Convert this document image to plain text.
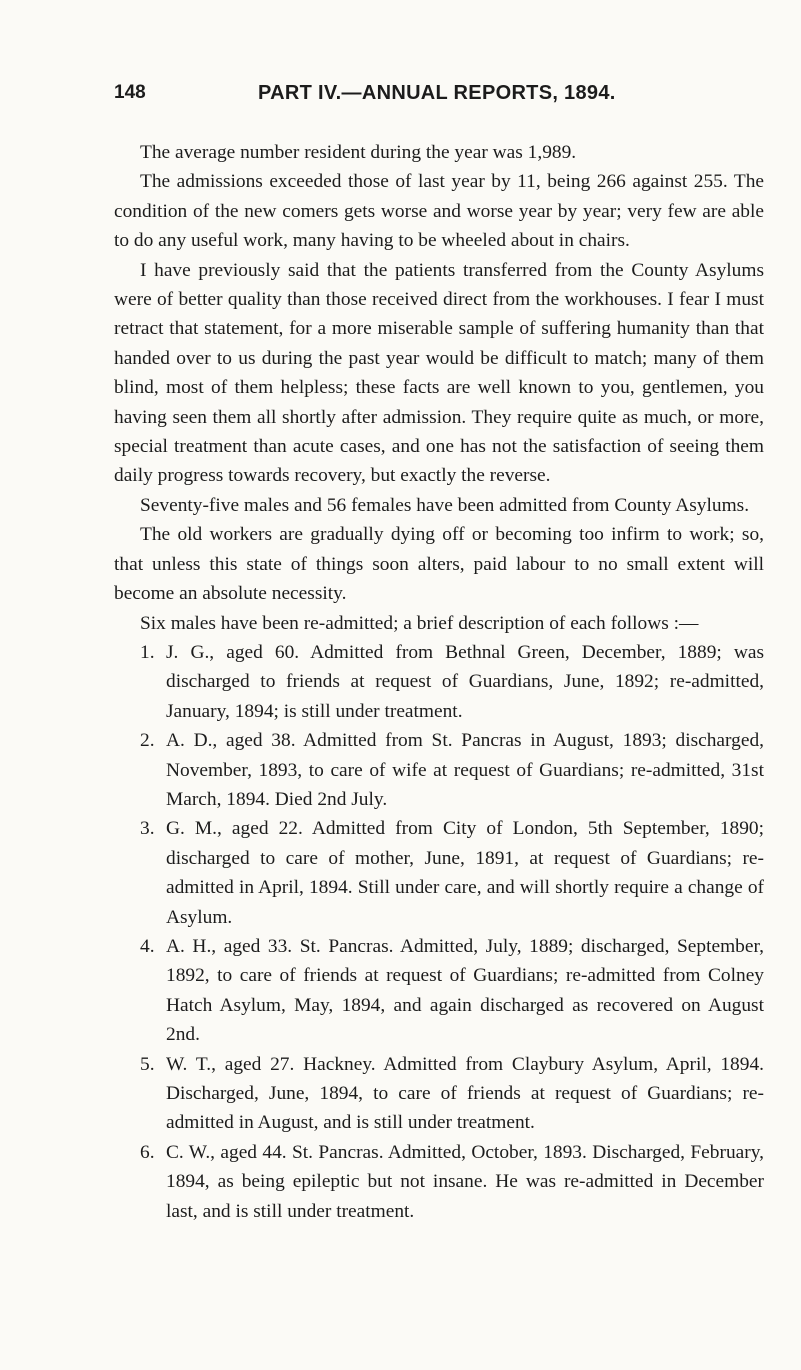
148	PART IV.—ANNUAL REPORTS, 1894.

The average number resident during the year was 1,989.

The admissions exceeded those of last year by 11, being 266 against 255. The condition of the new comers gets worse and worse year by year; very few are able to do any useful work, many having to be wheeled about in chairs.

I have previously said that the patients transferred from the County Asylums were of better quality than those received direct from the workhouses. I fear I must retract that statement, for a more miserable sample of suffering humanity than that handed over to us during the past year would be difficult to match; many of them blind, most of them helpless; these facts are well known to you, gentlemen, you having seen them all shortly after admission. They require quite as much, or more, special treatment than acute cases, and one has not the satisfaction of seeing them daily progress towards recovery, but exactly the reverse.

Seventy-five males and 56 females have been admitted from County Asylums.

The old workers are gradually dying off or becoming too infirm to work; so, that unless this state of things soon alters, paid labour to no small extent will become an absolute necessity.

Six males have been re-admitted; a brief description of each follows :—

1. J. G., aged 60. Admitted from Bethnal Green, December, 1889; was discharged to friends at request of Guardians, June, 1892; re-admitted, January, 1894; is still under treatment.
2. A. D., aged 38. Admitted from St. Pancras in August, 1893; discharged, November, 1893, to care of wife at request of Guardians; re-admitted, 31st March, 1894. Died 2nd July.
3. G. M., aged 22. Admitted from City of London, 5th September, 1890; discharged to care of mother, June, 1891, at request of Guardians; re-admitted in April, 1894. Still under care, and will shortly require a change of Asylum.
4. A. H., aged 33. St. Pancras. Admitted, July, 1889; discharged, September, 1892, to care of friends at request of Guardians; re-admitted from Colney Hatch Asylum, May, 1894, and again discharged as recovered on August 2nd.
5. W. T., aged 27. Hackney. Admitted from Claybury Asylum, April, 1894. Discharged, June, 1894, to care of friends at request of Guardians; re-admitted in August, and is still under treatment.
6. C. W., aged 44. St. Pancras. Admitted, October, 1893. Discharged, February, 1894, as being epileptic but not insane. He was re-admitted in December last, and is still under treatment.
